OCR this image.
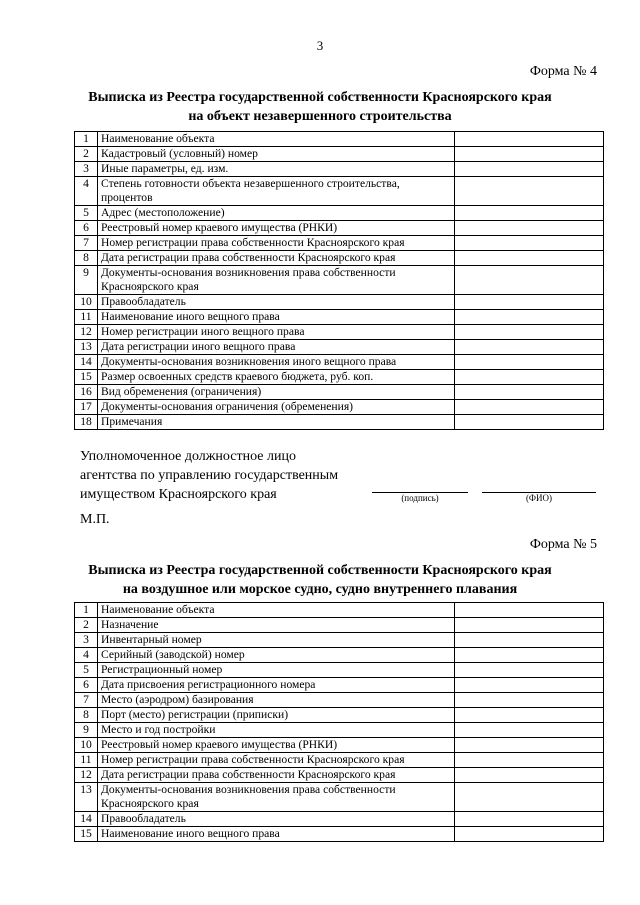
3
Форма № 4
Выписка из Реестра государственной собственности Красноярского края
на объект незавершенного строительства
1	Наименование объекта	

2	Кадастровый (условный) номер	

3	Иные параметры, ед. изм.	

4	Степень готовности объекта незавершенного строительства,
процентов	

5	Адрес (местоположение)	

6	Реестровый номер краевого имущества (РНКИ)	

7	Номер регистрации права собственности Красноярского края	

8	Дата регистрации права собственности Красноярского края	

9	Документы-основания возникновения права собственности
Красноярского края	

10	Правообладатель	

11	Наименование иного вещного права	

12	Номер регистрации иного вещного права	

13	Дата регистрации иного вещного права	

14	Документы-основания возникновения иного вещного права	

15	Размер освоенных средств краевого бюджета, руб. коп.	

16	Вид обременения (ограничения)	

17	Документы-основания ограничения (обременения)	

18	Примечания	

Уполномоченное должностное лицо
агентства по управлению государственным
имуществом Красноярского края	(подпись)	(ФИО)
М.П.
Форма № 5
Выписка из Реестра государственной собственности Красноярского края
на воздушное или морское судно, судно внутреннего плавания
1	Наименование объекта	

2	Назначение	

3	Инвентарный номер	

4	Серийный (заводской) номер	

5	Регистрационный номер	

6	Дата присвоения регистрационного номера	

7	Место (аэродром) базирования	

8	Порт (место) регистрации (приписки)	

9	Место и год постройки	

10	Реестровый номер краевого имущества (РНКИ)	

11	Номер регистрации права собственности Красноярского края	

12	Дата регистрации права собственности Красноярского края	

13	Документы-основания возникновения права собственности
Красноярского края	

14	Правообладатель	

15	Наименование иного вещного права	
